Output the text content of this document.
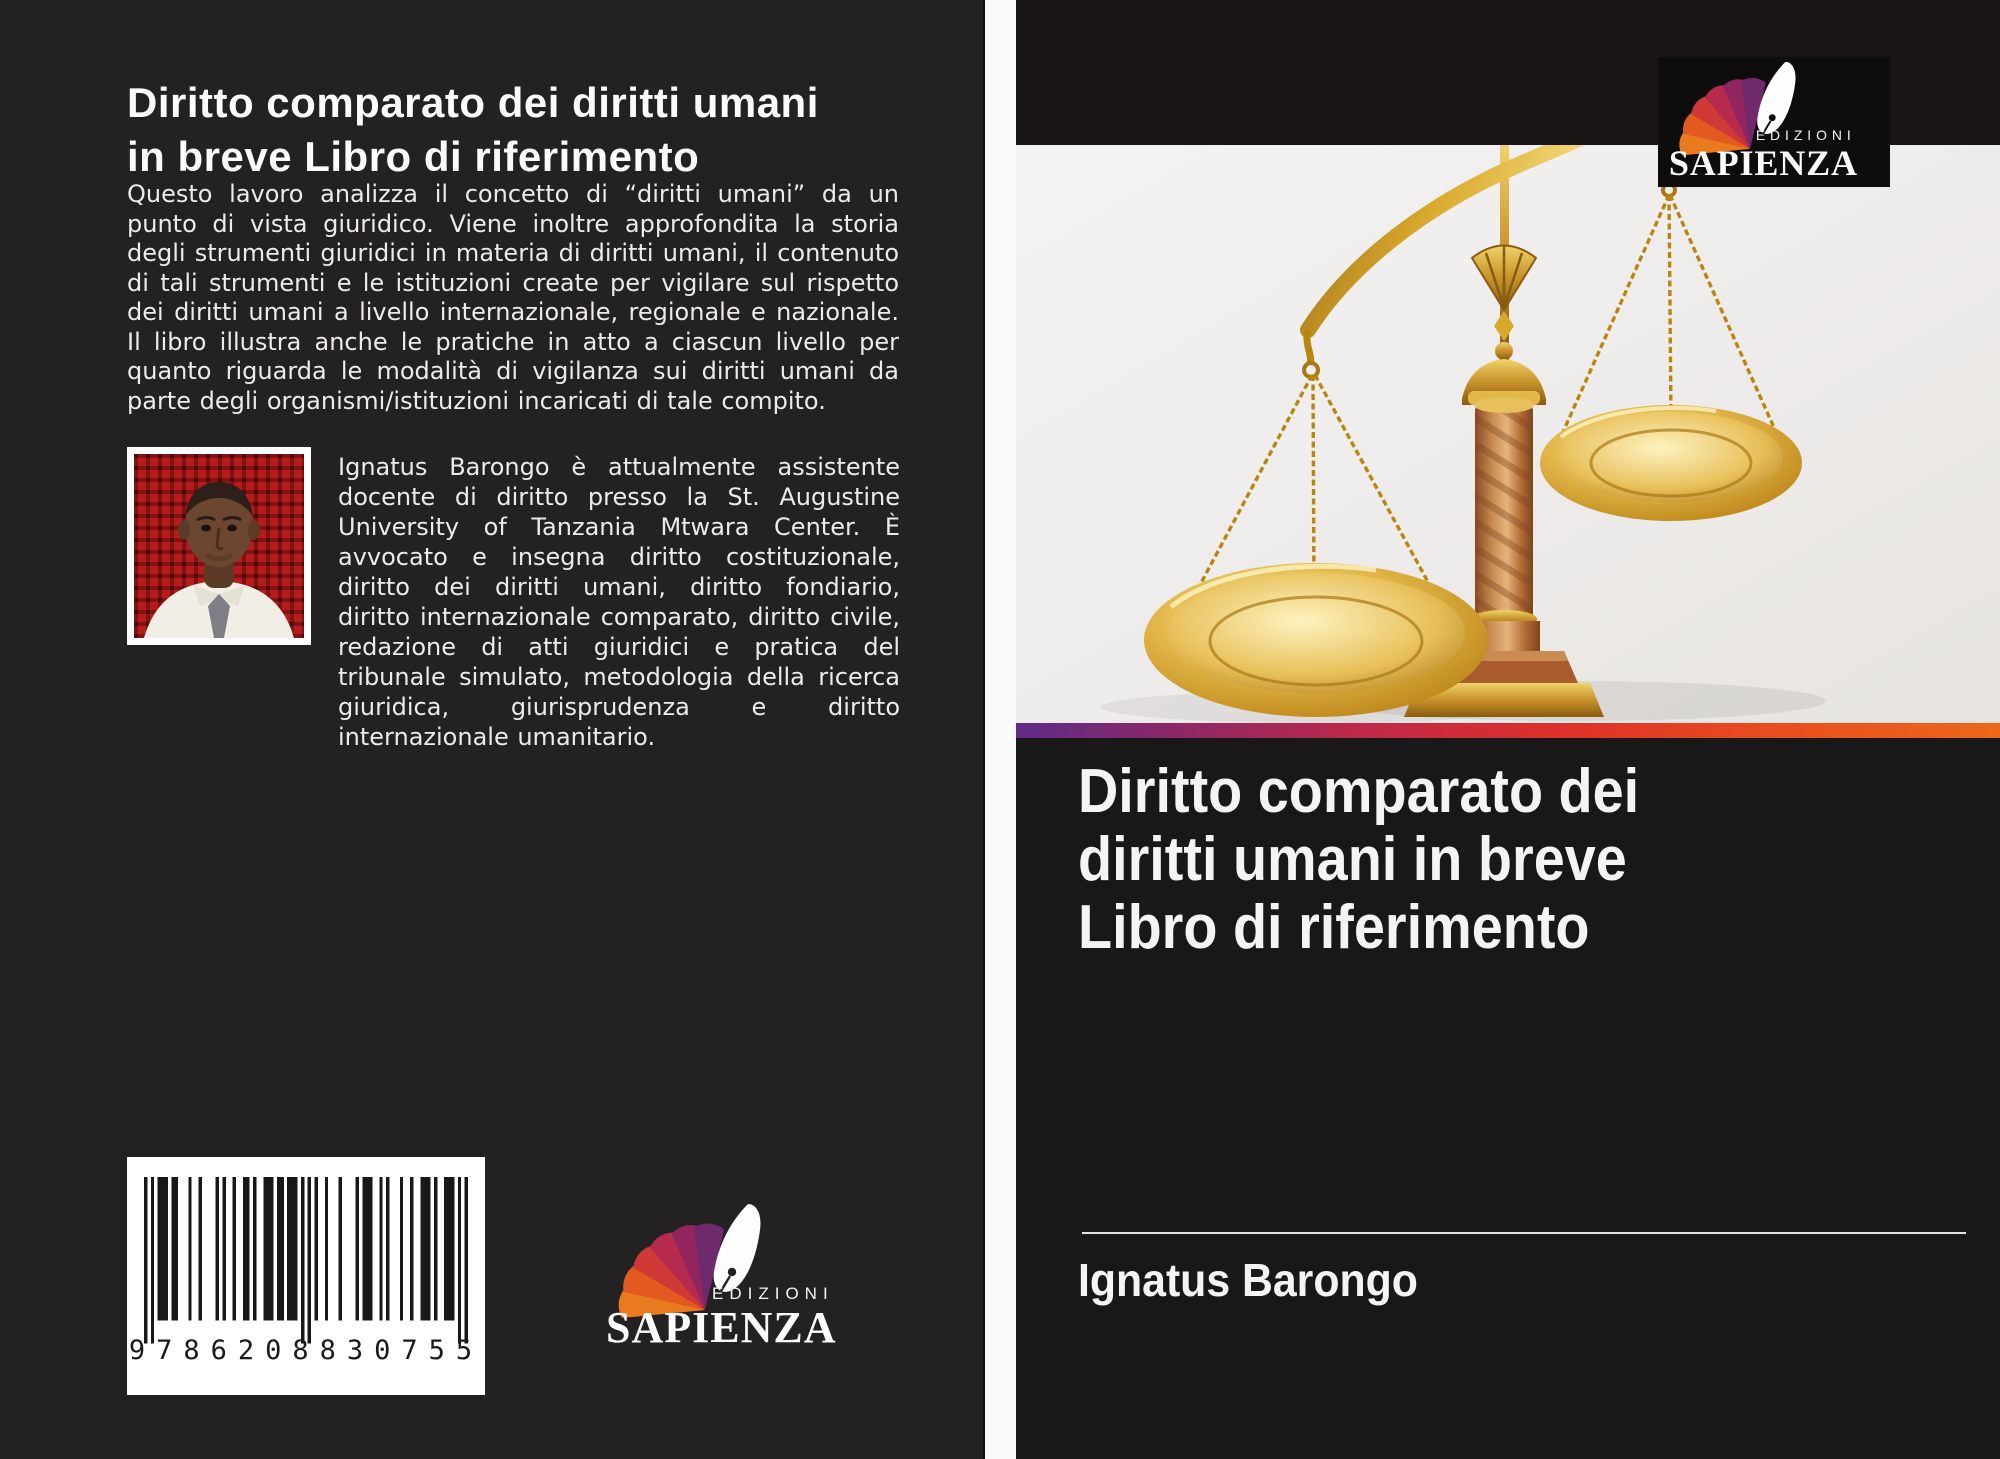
Diritto comparato dei diritti umani
in breve Libro di riferimento
Questo lavoro analizza il concetto di “diritti umani” da un punto di vista giuridico. Viene inoltre approfondita la storia degli strumenti giuridici in materia di diritti umani, il contenuto di tali strumenti e le istituzioni create per vigilare sul rispetto dei diritti umani a livello internazionale, regionale e nazionale. Il libro illustra anche le pratiche in atto a ciascun livello per quanto riguarda le modalità di vigilanza sui diritti umani da parte degli organismi/istituzioni incaricati di tale compito.
Ignatus Barongo è attualmente assistente docente di diritto presso la St. Augustine University of Tanzania Mtwara Center. È avvocato e insegna diritto costituzionale, diritto dei diritti umani, diritto fondiario, diritto internazionale comparato, diritto civile, redazione di atti giuridici e pratica del tribunale simulato, metodologia della ricerca giuridica, giurisprudenza e diritto internazionale umanitario.
9786208830755
EDIZIONI
SAPIENZA
EDIZIONI
SAPIENZA
Diritto comparato dei
diritti umani in breve
Libro di riferimento
Ignatus Barongo
